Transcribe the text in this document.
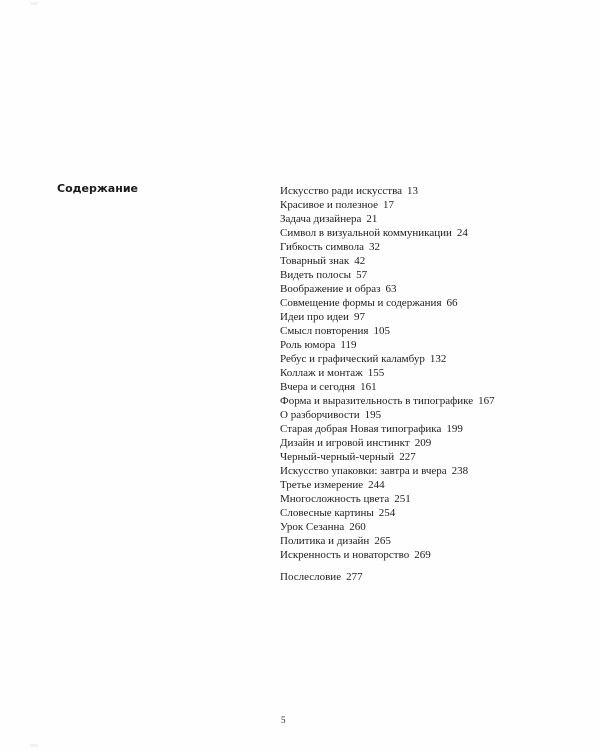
Содержание	Искусство ради искусства 13
Красивое и полезное 17
Задача дизайнера 21
Символ в визуальной коммуникации 24
Гибкость символа 32
Товарный знак 42
Видеть полосы 57
Воображение и образ 63
Совмещение формы и содержания 66
Идеи про идеи 97
Смысл повторения 105
Роль юмора 119
Ребус и графический каламбур 132
Коллаж и монтаж 155
Вчера и сегодня 161
Форма и выразительность в типографике 167
О разборчивости 195
Старая добрая Новая типографика 199
Дизайн и игровой инстинкт 209
Черный-черный-черный 227
Искусство упаковки: завтра и вчера 238
Третье измерение 244
Многосложность цвета 251
Словесные картины 254
Урок Сезанна 260
Политика и дизайн 265
Искренность и новаторство 269
Послесловие 277
5
